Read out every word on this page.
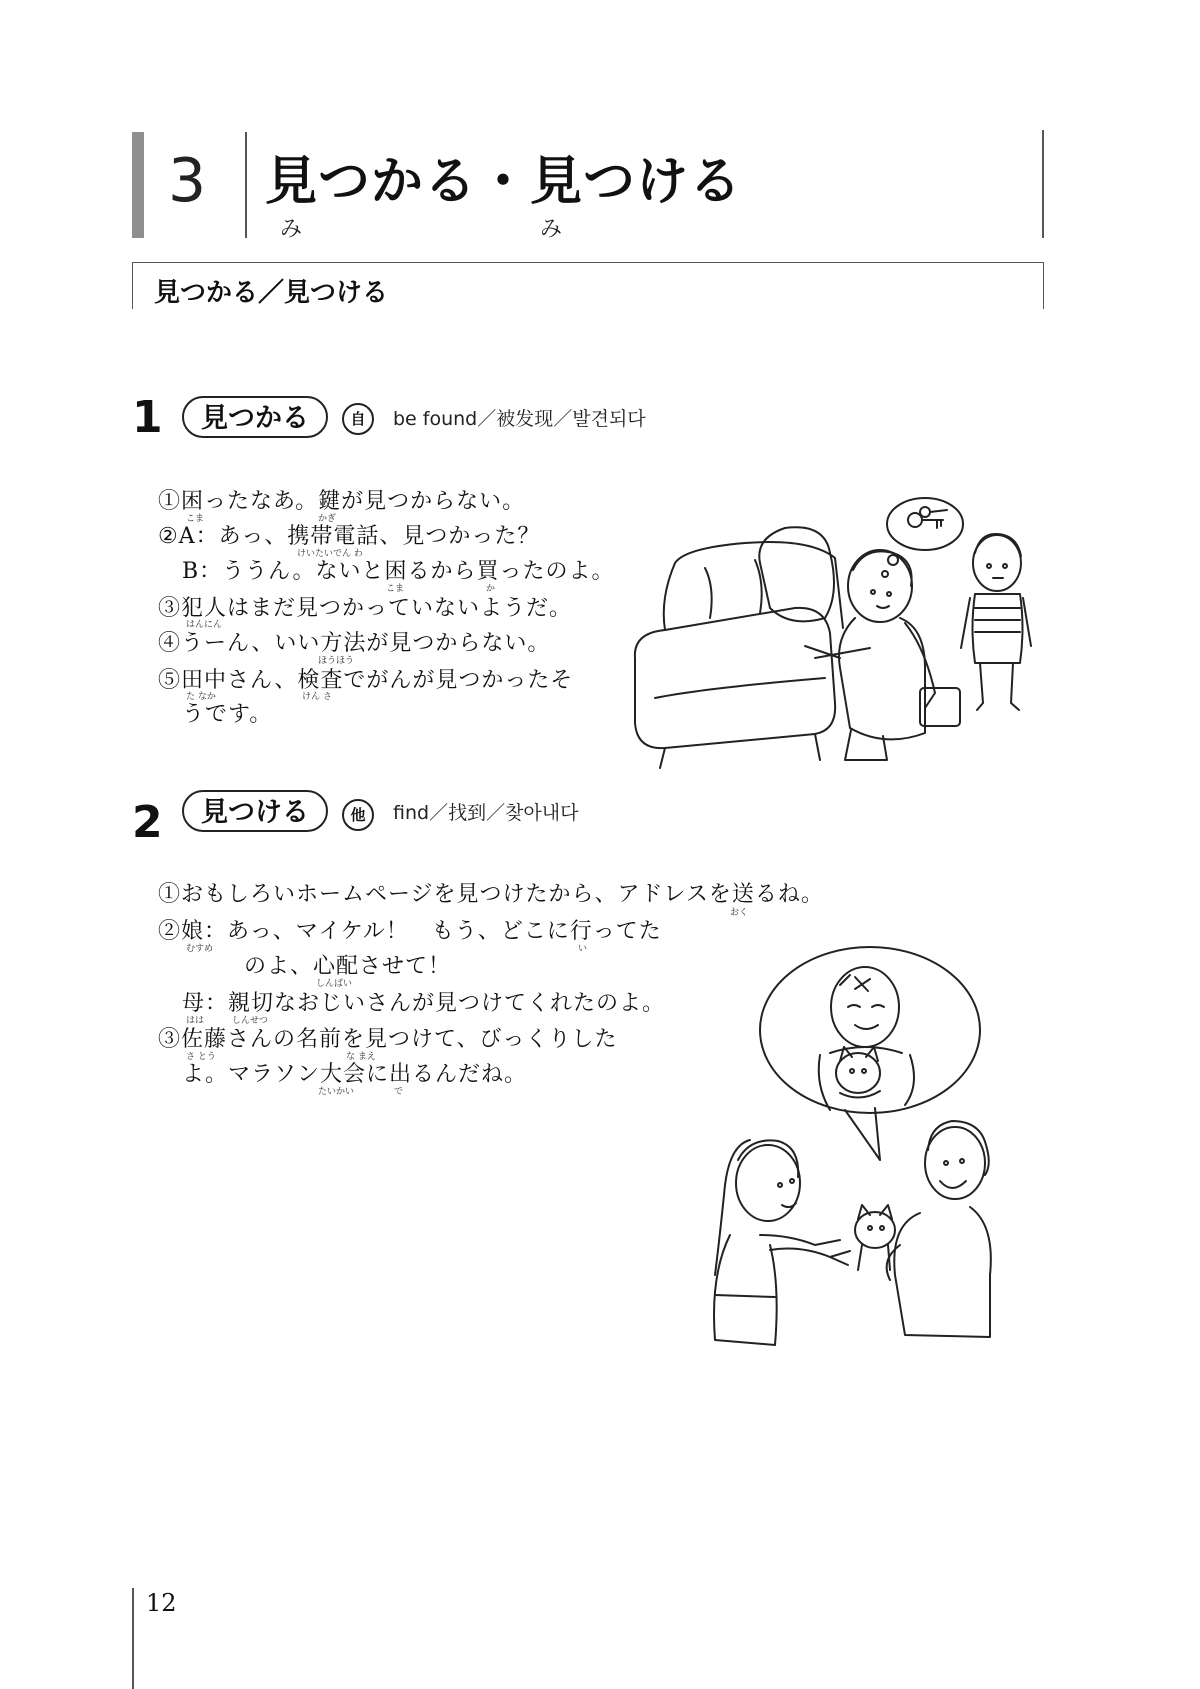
3 見つかる・見つける
み	み
見つかる／見つける
1	見つかる	自	be found／被发现／발견되다
①困ったなあ。鍵が見つからない。
②A：あっ、携帯電話、見つかった？
B：ううん。ないと困るから買ったのよ。
③犯人はまだ見つかっていないようだ。
④うーん、いい方法が見つからない。
⑤田中さん、検査でがんが見つかったそ
うです。
こま	かぎ
けいたいでん わ
こま	か
はんにん
ほうほう
た なか	けん さ
2	見つける	他	find／找到／찾아내다
①おもしろいホームページを見つけたから、アドレスを送るね。
②娘：あっ、マイケル！　もう、どこに行ってた
のよ、心配させて！
母：親切なおじいさんが見つけてくれたのよ。
③佐藤さんの名前を見つけて、びっくりした
よ。マラソン大会に出るんだね。
おく
むすめ	い
しんぱい
はは	しんせつ
さ とう	な まえ
たいかい	で
12
